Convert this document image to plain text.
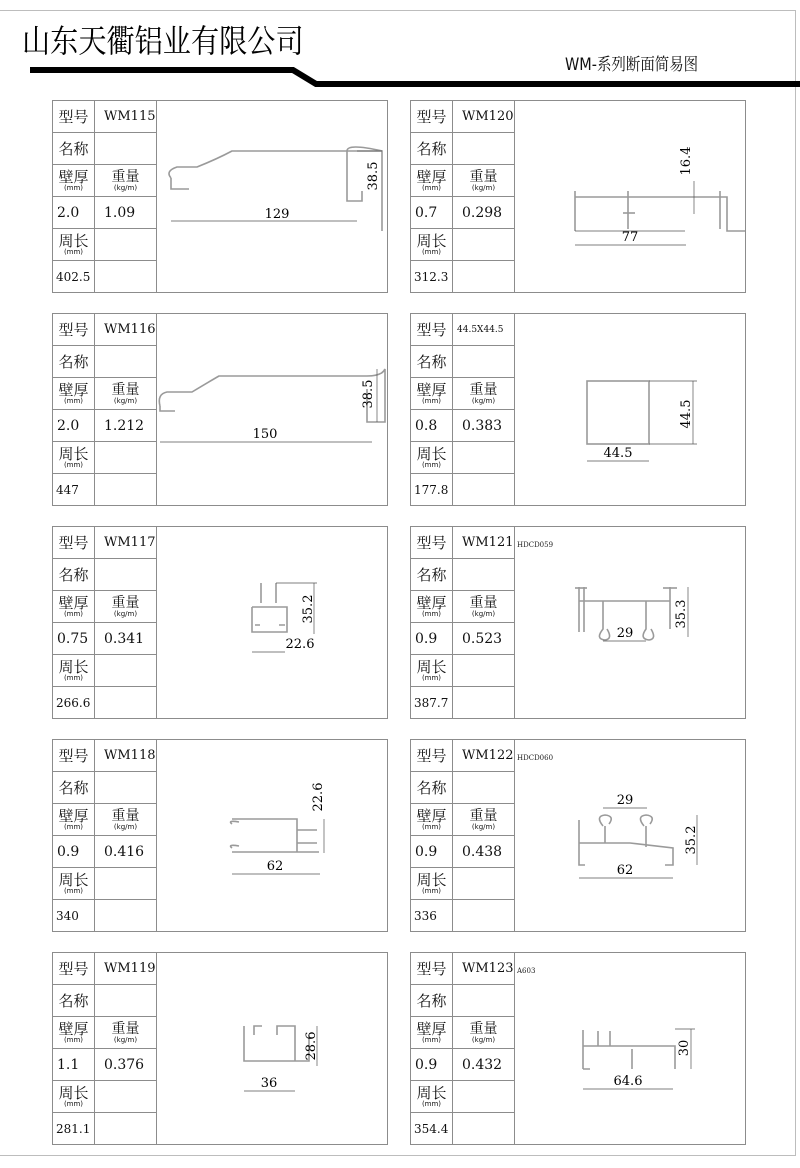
山东天衢铝业有限公司
WM-系列断面简易图
型号 WM115
名称
壁厚
(mm)
重量
(kg/m)
2.0 1.09
周长
(mm)
402.5
129
38.5
型号 WM120
名称
壁厚
(mm)
重量
(kg/m)
0.7 0.298
周长
(mm)
312.3
77
16.4
型号 WM116
名称
壁厚
(mm)
重量
(kg/m)
2.0 1.212
周长
(mm)
447
150
38.5
型号 44.5X44.5
名称
壁厚
(mm)
重量
(kg/m)
0.8 0.383
周长
(mm)
177.8
44.5
44.5
型号 WM117
名称
壁厚
(mm)
重量
(kg/m)
0.75 0.341
周长
(mm)
266.6
22.6
35.2
型号 WM121
名称
壁厚
(mm)
重量
(kg/m)
0.9 0.523
周长
(mm)
387.7
HDCD059
29
35.3
型号 WM118
名称
壁厚
(mm)
重量
(kg/m)
0.9 0.416
周长
(mm)
340
62
22.6
型号 WM122
名称
壁厚
(mm)
重量
(kg/m)
0.9 0.438
周长
(mm)
336
HDCD060
29
62
35.2
型号 WM119
名称
壁厚
(mm)
重量
(kg/m)
1.1 0.376
周长
(mm)
281.1
36
28.6
型号 WM123
名称
壁厚
(mm)
重量
(kg/m)
0.9 0.432
周长
(mm)
354.4
A603
64.6
30
